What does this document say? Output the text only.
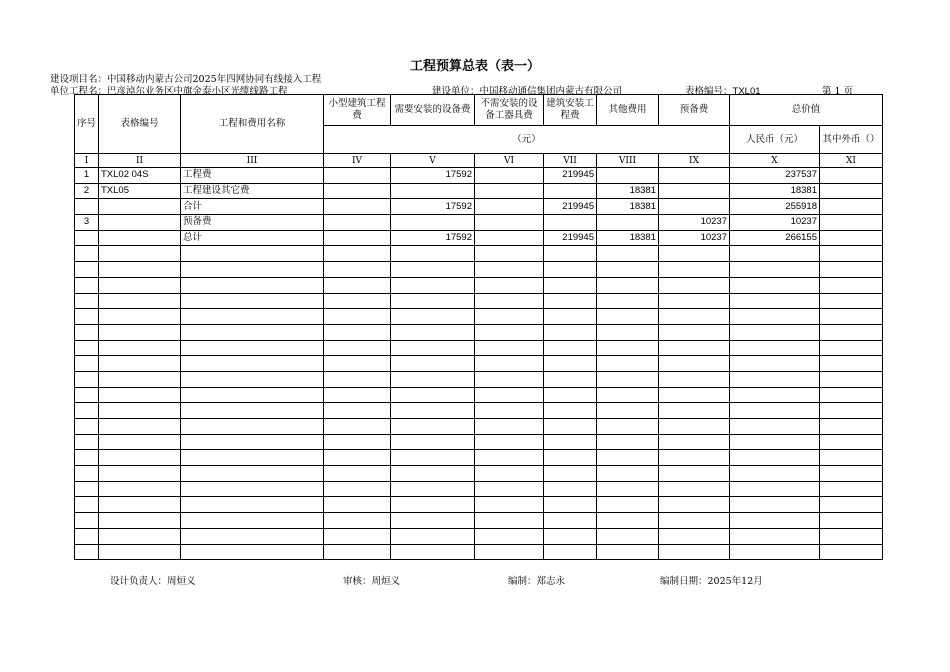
工程预算总表（表一）
建设项目名：中国移动内蒙古公司2025年四网协同有线接入工程
单位工程名：巴彦淖尔业务区中旗金泰小区光缆线路工程	建设单位：中国移动通信集团内蒙古有限公司	表格编号：TXL01	第 1 页
序号	表格编号	工程和费用名称	小型建筑工程费	需要安装的设备费	不需安装的设备工器具费	建筑安装工程费	其他费用	预备费	总价值	
			（元）						人民币（元）	其中外币（）

I	II	III	IV	V	VI	VII	VIII	IX	X	XI
1	TXL02 04S	工程费		17592		219945			237537	
2	TXL05	工程建设其它费					18381		18381	
		合计		17592		219945	18381		255918	
3		预备费						10237	10237	
		总计		17592		219945	18381	10237	266155	

设计负责人：周烜义	审核：周烜义	编制：郑志永	编制日期：2025年12月
